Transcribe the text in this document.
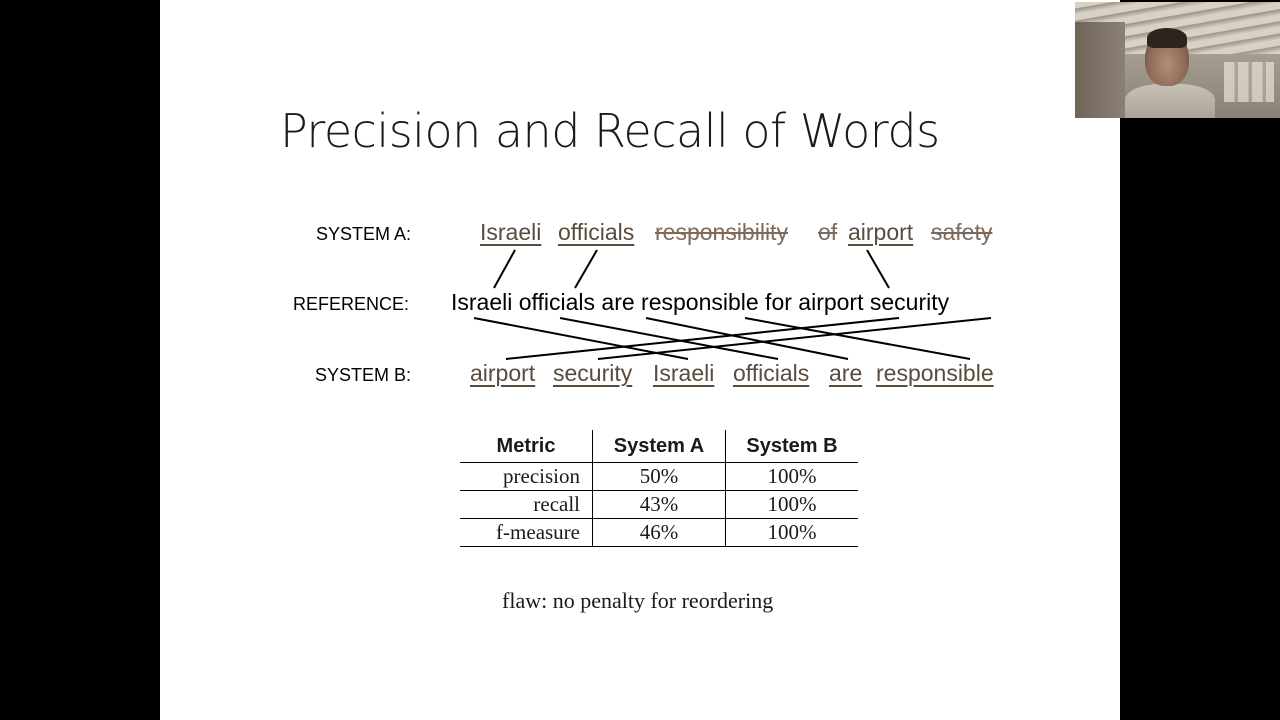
Precision and Recall of Words
SYSTEM A:
REFERENCE:
SYSTEM B:
Israeli officials responsibility of airport safety
Israeli officials are responsible for airport security
airport security Israeli officials are responsible
Metric	System A	System B
precision	50%	100%
recall	43%	100%
f-measure	46%	100%
flaw: no penalty for reordering
